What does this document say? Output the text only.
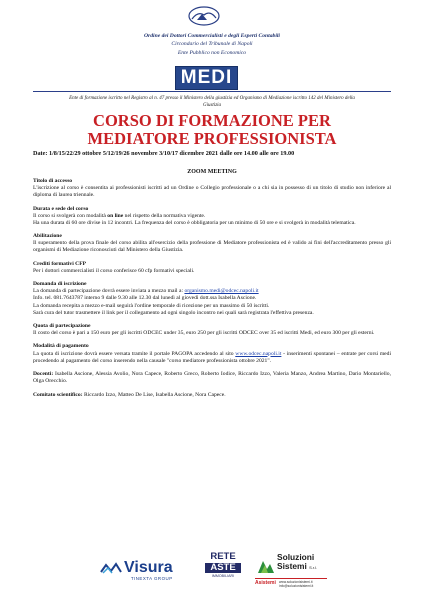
Ordine dei Dottori Commercialisti e degli Esperti Contabili
Circondario del Tribunale di Napoli
Ente Pubblico non Economico
MEDI
Ente di formazione iscritto nel Registro al n. 47 presso il Ministero della giustizia ed Organismo di Mediazione iscritto 142 del Ministero della Giustizia
CORSO DI FORMAZIONE PER
MEDIATORE PROFESSIONISTA
Date: 1/8/15/22/29 ottobre 5/12/19/26 novembre 3/10/17 dicembre 2021 dalle ore 14.00 alle ore 19.00
ZOOM MEETING
Titolo di accesso

L'iscrizione al corso è consentita ai professionisti iscritti ad un Ordine o Collegio professionale o a chi sia in possesso di un titolo di studio non inferiore al diploma di laurea triennale.

Durata e sede del corso

Il corso si svolgerà con modalità on line nel rispetto della normativa vigente.

Ha una durata di 60 ore divise in 12 incontri. La frequenza del corso è obbligatoria per un minimo di 50 ore e si svolgerà in modalità telematica.

Abilitazione

Il superamento della prova finale del corso abilita all'esercizio della professione di Mediatore professionista ed è valido ai fini dell'accreditamento presso gli organismi di Mediazione riconosciuti dal Ministero della Giustizia.

Crediti formativi CFP

Per i dottori commercialisti il corso conferisce 60 cfp formativi speciali.

Domanda di iscrizione

La domanda di partecipazione dovrà essere inviata a mezzo mail a: organismo.medi@odcec.napoli.it

Info. tel. 081.7643787 interno 9 dalle 9.30 alle 12.30 dal lunedì al giovedì dott.ssa Isabella Ascione.

La domanda recepita a mezzo e-mail seguirà l'ordine temporale di ricezione per un massimo di 50 iscritti.

Sarà cura del tutor trasmettere il link per il collegamento ad ogni singolo incontro nei quali sarà registrata l'effettiva presenza.

Quota di partecipazione

Il costo del corso è pari a 150 euro per gli iscritti ODCEC under 35, euro 250 per gli iscritti ODCEC over 35 ed iscritti Medi, ed euro 300 per gli esterni.

Modalità di pagamento

La quota di iscrizione dovrà essere versata tramite il portale PAGOPA accedendo al sito www.odcec.napoli.it - inserimenti spontanei – entrate per corsi medi procedendo al pagamento del corso inserendo nella causale "corso mediatore professionista ottobre 2021".

Docenti: Isabella Ascione, Alessia Avolio, Nora Capece, Roberto Greco, Roberto Iodice, Riccardo Izzo, Valeria Manzo, Andrea Martino, Dario Montariello, Olga Orecchio.

Comitato scientifico: Riccardo Izzo, Matteo De Lise, Isabella Ascione, Nora Capece.

Visura
TINEXTA GROUP
RETE
ASTE
IMMOBILIARI
Soluzioni
Sistemi S.r.l.
Asistemi www.soluzionisistemi.it
info@soluzionisistemi.it
